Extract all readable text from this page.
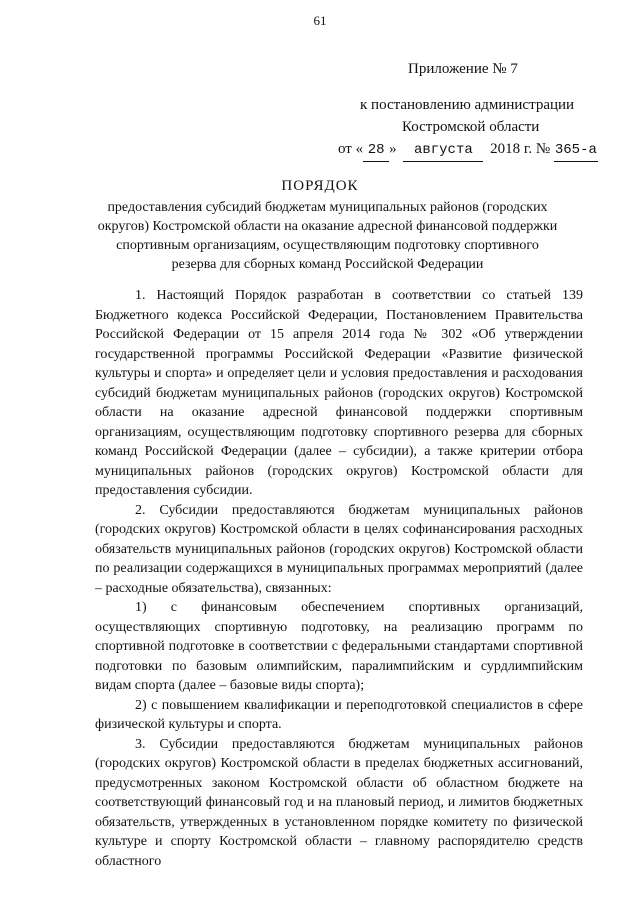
61
Приложение № 7
к постановлению администрации
Костромской области
от « 28 » августа 2018 г. № 365-а
ПОРЯДОК
предоставления субсидий бюджетам муниципальных районов (городских округов) Костромской области на оказание адресной финансовой поддержки спортивным организациям, осуществляющим подготовку спортивного резерва для сборных команд Российской Федерации

1. Настоящий Порядок разработан в соответствии со статьей 139 Бюджетного кодекса Российской Федерации, Постановлением Правительства Российской Федерации от 15 апреля 2014 года № 302 «Об утверждении государственной программы Российской Федерации «Развитие физической культуры и спорта» и определяет цели и условия предоставления и расходования субсидий бюджетам муниципальных районов (городских округов) Костромской области на оказание адресной финансовой поддержки спортивным организациям, осуществляющим подготовку спортивного резерва для сборных команд Российской Федерации (далее – субсидии), а также критерии отбора муниципальных районов (городских округов) Костромской области для предоставления субсидии.

2. Субсидии предоставляются бюджетам муниципальных районов (городских округов) Костромской области в целях софинансирования расходных обязательств муниципальных районов (городских округов) Костромской области по реализации содержащихся в муниципальных программах мероприятий (далее – расходные обязательства), связанных:

1) с финансовым обеспечением спортивных организаций, осуществляющих спортивную подготовку, на реализацию программ по спортивной подготовке в соответствии с федеральными стандартами спортивной подготовки по базовым олимпийским, паралимпийским и сурдлимпийским видам спорта (далее – базовые виды спорта);

2) с повышением квалификации и переподготовкой специалистов в сфере физической культуры и спорта.

3. Субсидии предоставляются бюджетам муниципальных районов (городских округов) Костромской области в пределах бюджетных ассигнований, предусмотренных законом Костромской области об областном бюджете на соответствующий финансовый год и на плановый период, и лимитов бюджетных обязательств, утвержденных в установленном порядке комитету по физической культуре и спорту Костромской области – главному распорядителю средств областного
